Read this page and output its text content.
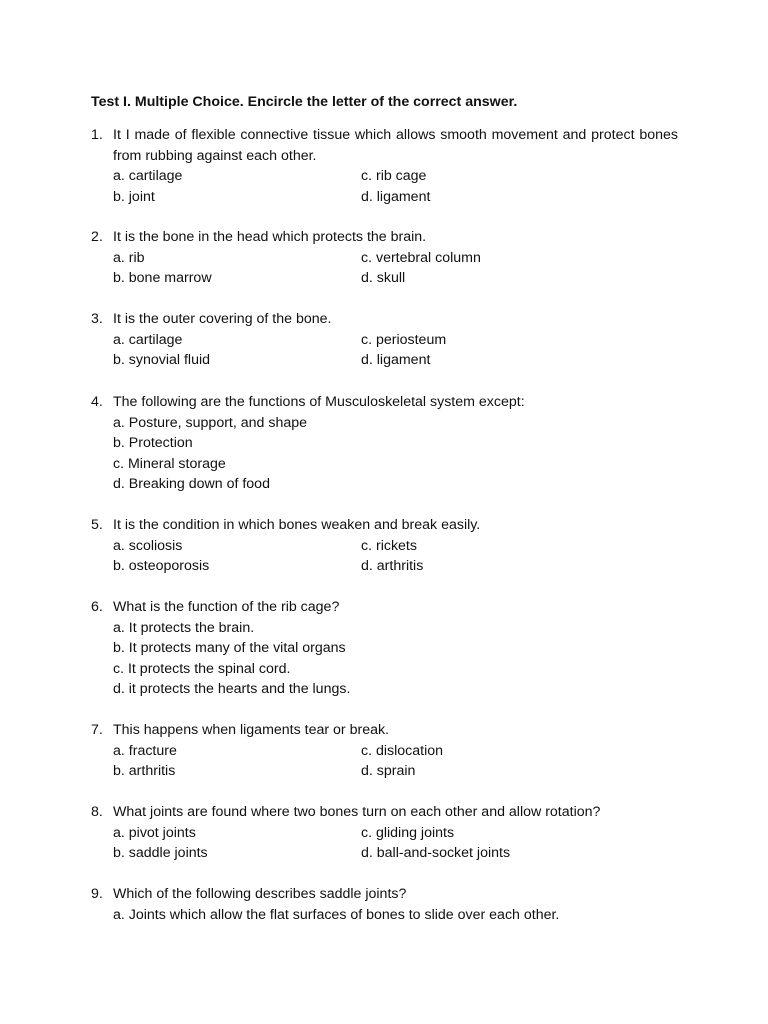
Test I. Multiple Choice. Encircle the letter of the correct answer.
1. It I made of flexible connective tissue which allows smooth movement and protect bones from rubbing against each other.
a. cartilage	c. rib cage
b. joint	d. ligament
2. It is the bone in the head which protects the brain.
a. rib	c. vertebral column
b. bone marrow	d. skull
3. It is the outer covering of the bone.
a. cartilage	c. periosteum
b. synovial fluid	d. ligament
4. The following are the functions of Musculoskeletal system except:
a. Posture, support, and shape
b. Protection
c. Mineral storage
d. Breaking down of food
5. It is the condition in which bones weaken and break easily.
a. scoliosis	c. rickets
b. osteoporosis	d. arthritis
6. What is the function of the rib cage?
a. It protects the brain.
b. It protects many of the vital organs
c. It protects the spinal cord.
d. it protects the hearts and the lungs.
7. This happens when ligaments tear or break.
a. fracture	c. dislocation
b. arthritis	d. sprain
8. What joints are found where two bones turn on each other and allow rotation?
a. pivot joints	c. gliding joints
b. saddle joints	d. ball-and-socket joints
9. Which of the following describes saddle joints?
a. Joints which allow the flat surfaces of bones to slide over each other.
